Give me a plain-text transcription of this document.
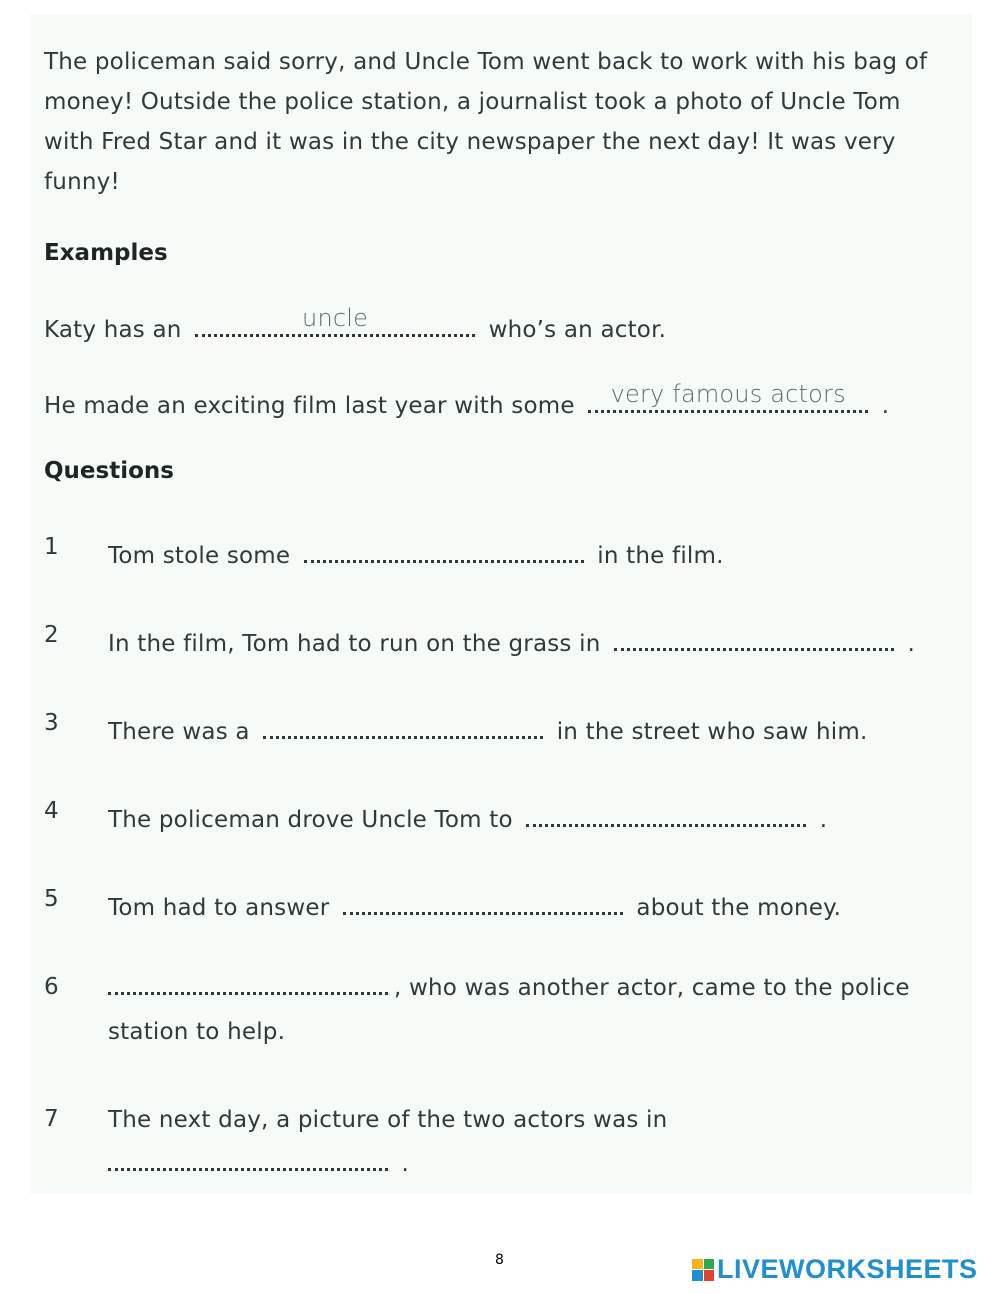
The policeman said sorry, and Uncle Tom went back to work with his bag of money! Outside the police station, a journalist took a photo of Uncle Tom with Fred Star and it was in the city newspaper the next day! It was very funny!
Examples
Katy has an	uncle	who’s an actor.
He made an exciting film last year with some	very famous actors	.
Questions
1 Tom stole some	in the film.
2 In the film, Tom had to run on the grass in	.
3 There was a	in the street who saw him.
4 The policeman drove Uncle Tom to	.
5 Tom had to answer	about the money.
6	, who was another actor, came to the police station to help.
7 The next day, a picture of the two actors was in
.
8	LIVEWORKSHEETS
